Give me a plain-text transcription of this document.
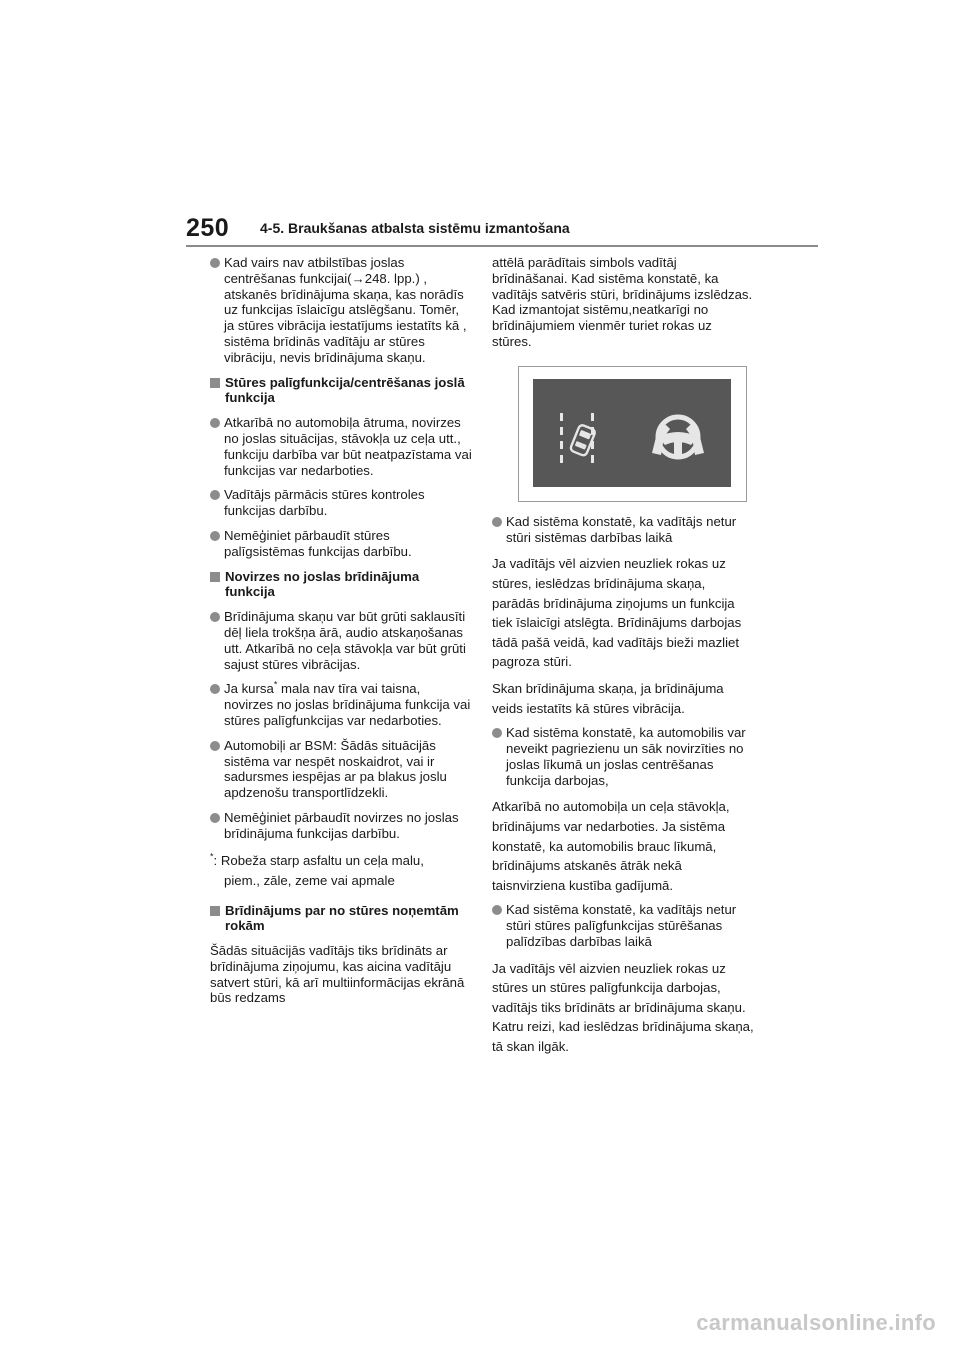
250 4-5. Braukšanas atbalsta sistēmu izmantošana

Kad vairs nav atbilstības joslas centrēšanas funkcijai(→248. lpp.) , atskanēs brīdinājuma skaņa, kas norādīs uz funkcijas īslaicīgu atslēgšanu. Tomēr, ja stūres vibrācija iestatījums iestatīts kā , sistēma brīdinās vadītāju ar stūres vibrāciju, nevis brīdinājuma skaņu.

Stūres palīgfunkcija/centrēšanas joslā funkcija

Atkarībā no automobiļa ātruma, novirzes no joslas situācijas, stāvokļa uz ceļa utt., funkciju darbība var būt neatpazīstama vai funkcijas var nedarboties.

Vadītājs pārmācis stūres kontroles funkcijas darbību.

Nemēģiniet pārbaudīt stūres palīgsistēmas funkcijas darbību.

Novirzes no joslas brīdinājuma funkcija

Brīdinājuma skaņu var būt grūti saklausīti dēļ liela trokšņa ārā, audio atskaņošanas utt. Atkarībā no ceļa stāvokļa var būt grūti sajust stūres vibrācijas.

Ja kursa* mala nav tīra vai taisna, novirzes no joslas brīdinājuma funkcija vai stūres palīgfunkcijas var nedarboties.

Automobiļi ar BSM: Šādās situācijās sistēma var nespēt noskaidrot, vai ir sadursmes iespējas ar pa blakus joslu apdzenošu transportlīdzekli.

Nemēģiniet pārbaudīt novirzes no joslas brīdinājuma funkcijas darbību.

*: Robeža starp asfaltu un ceļa malu,
piem., zāle, zeme vai apmale

Brīdinājums par no stūres noņemtām rokām

Šādās situācijās vadītājs tiks brīdināts ar brīdinājuma ziņojumu, kas aicina vadītāju satvert stūri, kā arī multiinformācijas ekrānā būs redzams

attēlā parādītais simbols vadītāj brīdināšanai. Kad sistēma konstatē, ka vadītājs satvēris stūri, brīdinājums izslēdzas. Kad izmantojat sistēmu,neatkarīgi no brīdinājumiem vienmēr turiet rokas uz stūres.

Kad sistēma konstatē, ka vadītājs netur stūri sistēmas darbības laikā

Ja vadītājs vēl aizvien neuzliek rokas uz stūres, ieslēdzas brīdinājuma skaņa, parādās brīdinājuma ziņojums un funkcija tiek īslaicīgi atslēgta. Brīdinājums darbojas tādā pašā veidā, kad vadītājs bieži mazliet pagroza stūri.

Skan brīdinājuma skaņa, ja brīdinājuma veids iestatīts kā stūres vibrācija.

Kad sistēma konstatē, ka automobilis var neveikt pagriezienu un sāk novirzīties no joslas līkumā un joslas centrēšanas funkcija darbojas,

Atkarībā no automobiļa un ceļa stāvokļa, brīdinājums var nedarboties. Ja sistēma konstatē, ka automobilis brauc līkumā, brīdinājums atskanēs ātrāk nekā taisnvirziena kustība gadījumā.

Kad sistēma konstatē, ka vadītājs netur stūri stūres palīgfunkcijas stūrēšanas palīdzības darbības laikā

Ja vadītājs vēl aizvien neuzliek rokas uz stūres un stūres palīgfunkcija darbojas, vadītājs tiks brīdināts ar brīdinājuma skaņu. Katru reizi, kad ieslēdzas brīdinājuma skaņa, tā skan ilgāk.

carmanualsonline.info
